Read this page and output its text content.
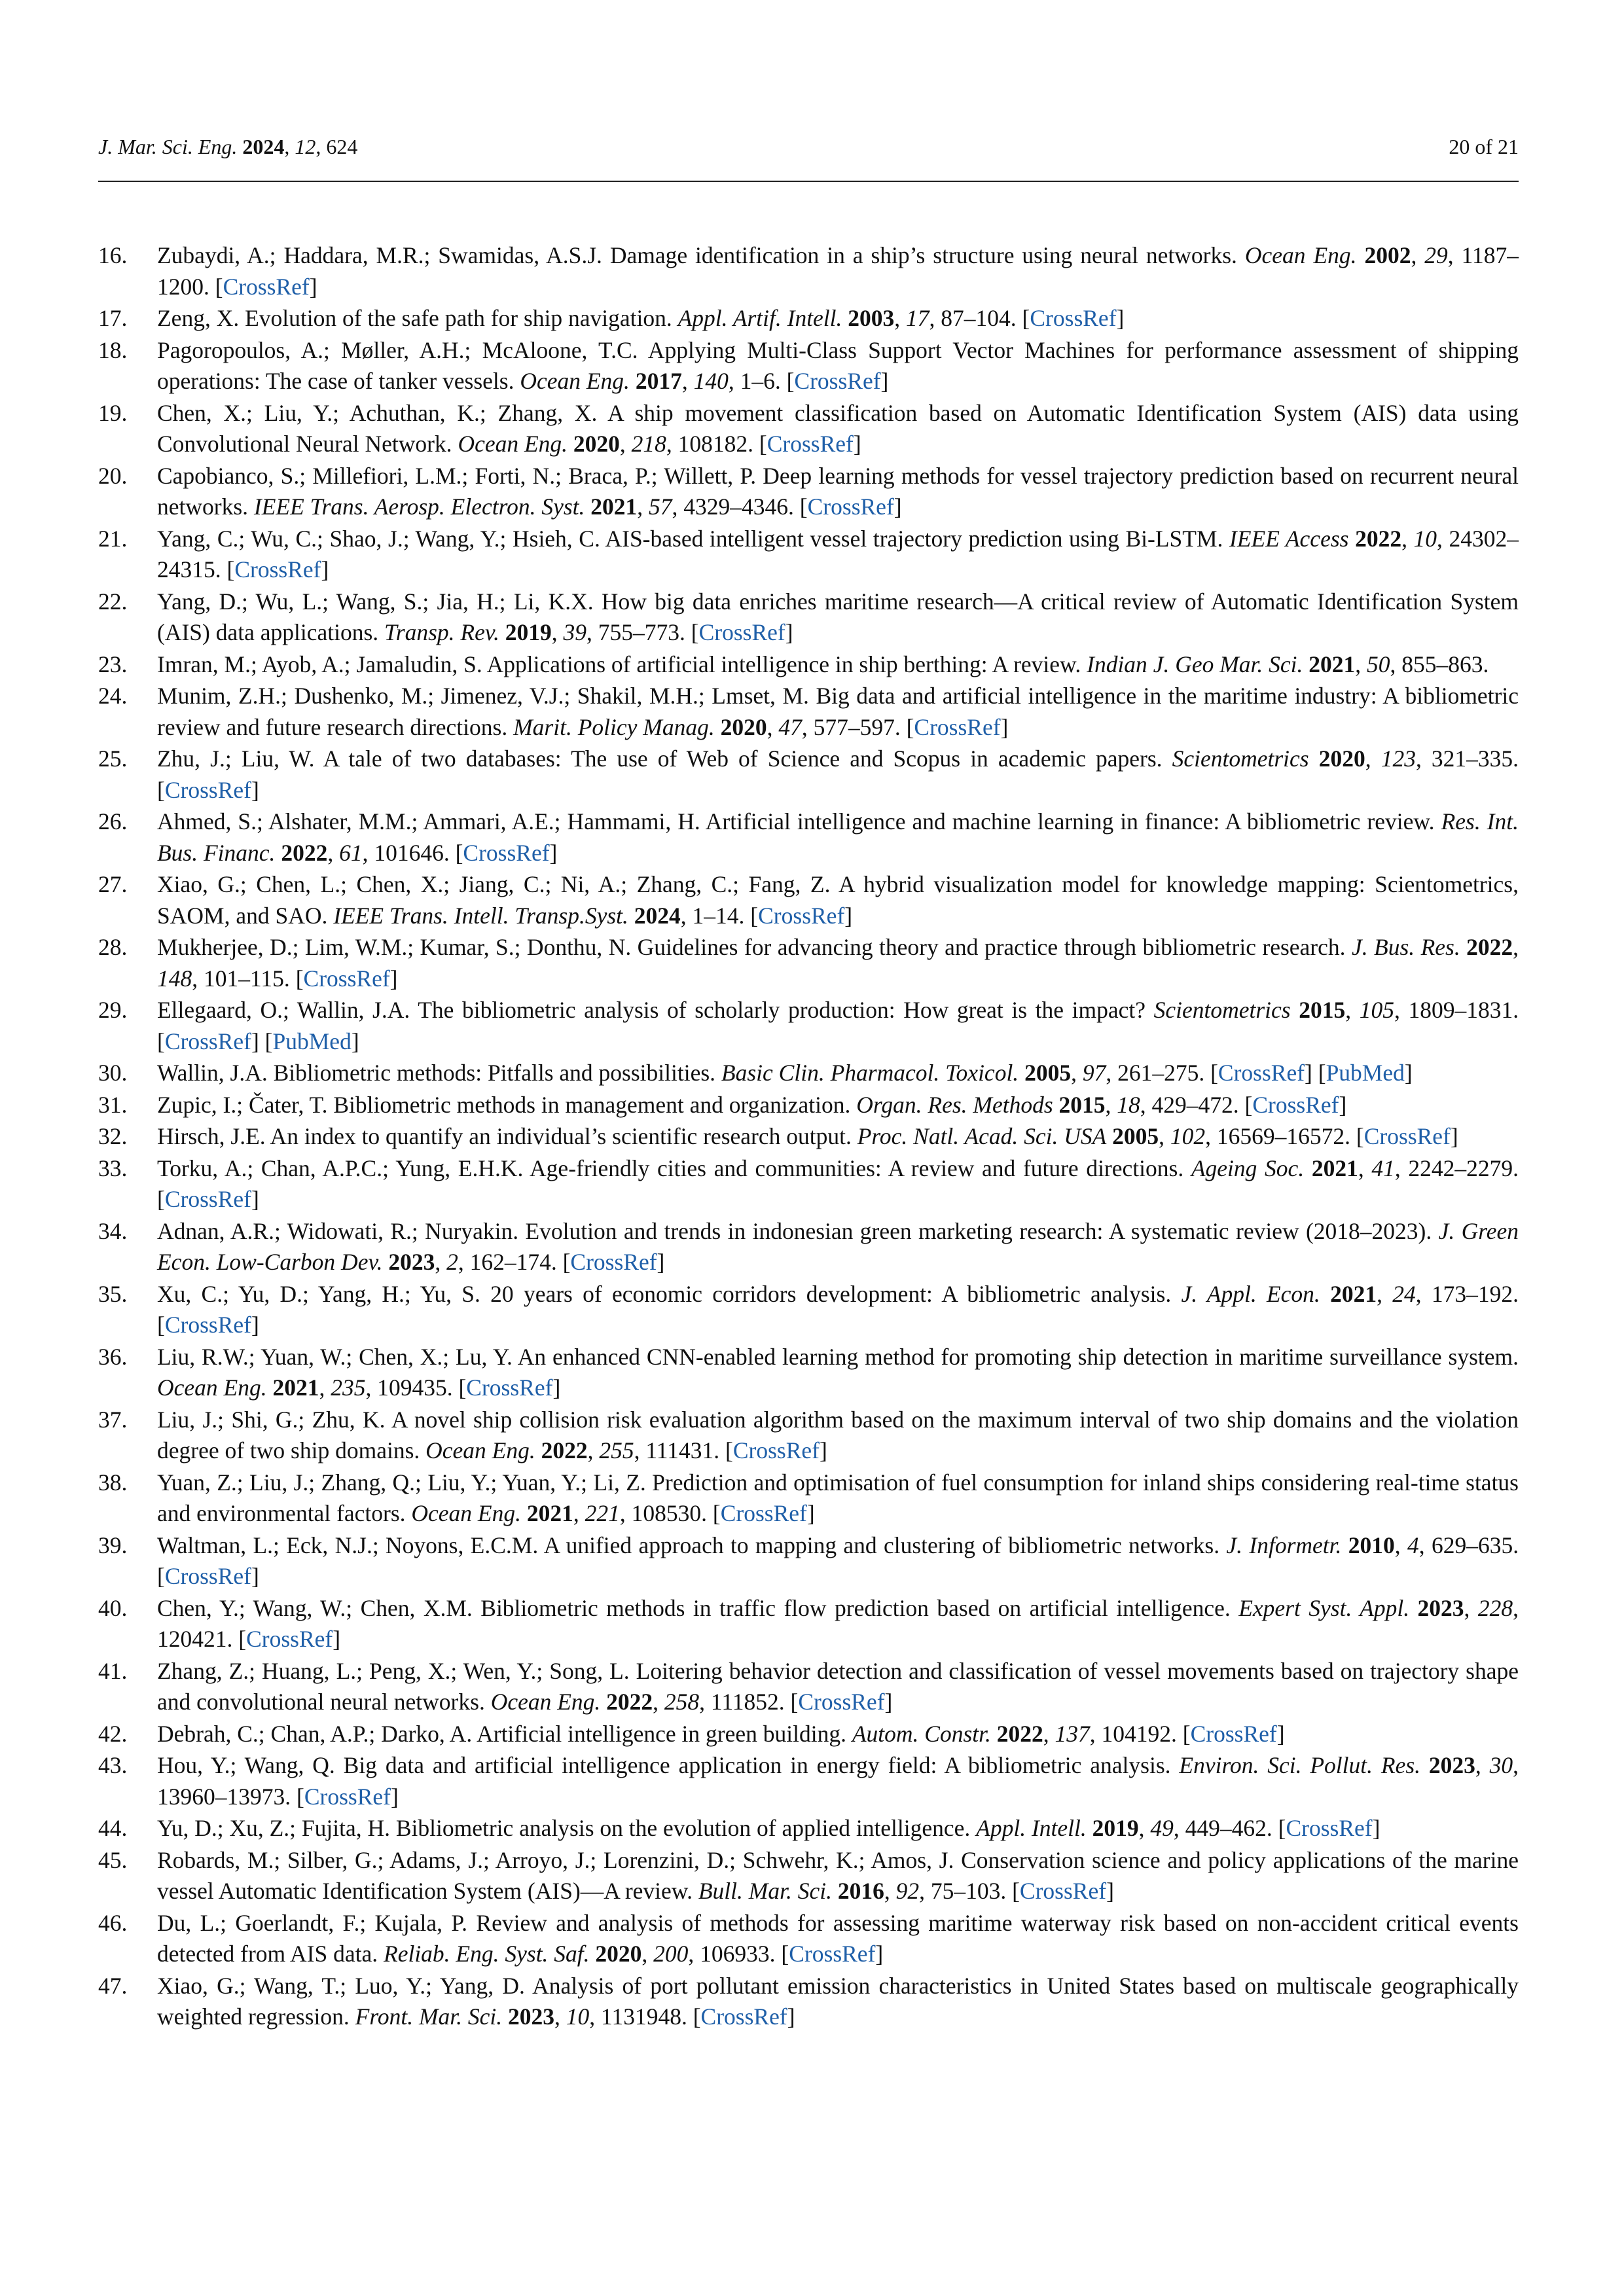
J. Mar. Sci. Eng. 2024, 12, 624	20 of 21
16. Zubaydi, A.; Haddara, M.R.; Swamidas, A.S.J. Damage identification in a ship’s structure using neural networks. Ocean Eng. 2002, 29, 1187–1200. [CrossRef]
17. Zeng, X. Evolution of the safe path for ship navigation. Appl. Artif. Intell. 2003, 17, 87–104. [CrossRef]
18. Pagoropoulos, A.; Møller, A.H.; McAloone, T.C. Applying Multi-Class Support Vector Machines for performance assessment of shipping operations: The case of tanker vessels. Ocean Eng. 2017, 140, 1–6. [CrossRef]
19. Chen, X.; Liu, Y.; Achuthan, K.; Zhang, X. A ship movement classification based on Automatic Identification System (AIS) data using Convolutional Neural Network. Ocean Eng. 2020, 218, 108182. [CrossRef]
20. Capobianco, S.; Millefiori, L.M.; Forti, N.; Braca, P.; Willett, P. Deep learning methods for vessel trajectory prediction based on recurrent neural networks. IEEE Trans. Aerosp. Electron. Syst. 2021, 57, 4329–4346. [CrossRef]
21. Yang, C.; Wu, C.; Shao, J.; Wang, Y.; Hsieh, C. AIS-based intelligent vessel trajectory prediction using Bi-LSTM. IEEE Access 2022, 10, 24302–24315. [CrossRef]
22. Yang, D.; Wu, L.; Wang, S.; Jia, H.; Li, K.X. How big data enriches maritime research—A critical review of Automatic Identification System (AIS) data applications. Transp. Rev. 2019, 39, 755–773. [CrossRef]
23. Imran, M.; Ayob, A.; Jamaludin, S. Applications of artificial intelligence in ship berthing: A review. Indian J. Geo Mar. Sci. 2021, 50, 855–863.
24. Munim, Z.H.; Dushenko, M.; Jimenez, V.J.; Shakil, M.H.; Lmset, M. Big data and artificial intelligence in the maritime industry: A bibliometric review and future research directions. Marit. Policy Manag. 2020, 47, 577–597. [CrossRef]
25. Zhu, J.; Liu, W. A tale of two databases: The use of Web of Science and Scopus in academic papers. Scientometrics 2020, 123, 321–335. [CrossRef]
26. Ahmed, S.; Alshater, M.M.; Ammari, A.E.; Hammami, H. Artificial intelligence and machine learning in finance: A bibliometric review. Res. Int. Bus. Financ. 2022, 61, 101646. [CrossRef]
27. Xiao, G.; Chen, L.; Chen, X.; Jiang, C.; Ni, A.; Zhang, C.; Fang, Z. A hybrid visualization model for knowledge mapping: Scientometrics, SAOM, and SAO. IEEE Trans. Intell. Transp.Syst. 2024, 1–14. [CrossRef]
28. Mukherjee, D.; Lim, W.M.; Kumar, S.; Donthu, N. Guidelines for advancing theory and practice through bibliometric research. J. Bus. Res. 2022, 148, 101–115. [CrossRef]
29. Ellegaard, O.; Wallin, J.A. The bibliometric analysis of scholarly production: How great is the impact? Scientometrics 2015, 105, 1809–1831. [CrossRef] [PubMed]
30. Wallin, J.A. Bibliometric methods: Pitfalls and possibilities. Basic Clin. Pharmacol. Toxicol. 2005, 97, 261–275. [CrossRef] [PubMed]
31. Zupic, I.; Čater, T. Bibliometric methods in management and organization. Organ. Res. Methods 2015, 18, 429–472. [CrossRef]
32. Hirsch, J.E. An index to quantify an individual’s scientific research output. Proc. Natl. Acad. Sci. USA 2005, 102, 16569–16572. [CrossRef]
33. Torku, A.; Chan, A.P.C.; Yung, E.H.K. Age-friendly cities and communities: A review and future directions. Ageing Soc. 2021, 41, 2242–2279. [CrossRef]
34. Adnan, A.R.; Widowati, R.; Nuryakin. Evolution and trends in indonesian green marketing research: A systematic review (2018–2023). J. Green Econ. Low-Carbon Dev. 2023, 2, 162–174. [CrossRef]
35. Xu, C.; Yu, D.; Yang, H.; Yu, S. 20 years of economic corridors development: A bibliometric analysis. J. Appl. Econ. 2021, 24, 173–192. [CrossRef]
36. Liu, R.W.; Yuan, W.; Chen, X.; Lu, Y. An enhanced CNN-enabled learning method for promoting ship detection in maritime surveillance system. Ocean Eng. 2021, 235, 109435. [CrossRef]
37. Liu, J.; Shi, G.; Zhu, K. A novel ship collision risk evaluation algorithm based on the maximum interval of two ship domains and the violation degree of two ship domains. Ocean Eng. 2022, 255, 111431. [CrossRef]
38. Yuan, Z.; Liu, J.; Zhang, Q.; Liu, Y.; Yuan, Y.; Li, Z. Prediction and optimisation of fuel consumption for inland ships considering real-time status and environmental factors. Ocean Eng. 2021, 221, 108530. [CrossRef]
39. Waltman, L.; Eck, N.J.; Noyons, E.C.M. A unified approach to mapping and clustering of bibliometric networks. J. Informetr. 2010, 4, 629–635. [CrossRef]
40. Chen, Y.; Wang, W.; Chen, X.M. Bibliometric methods in traffic flow prediction based on artificial intelligence. Expert Syst. Appl. 2023, 228, 120421. [CrossRef]
41. Zhang, Z.; Huang, L.; Peng, X.; Wen, Y.; Song, L. Loitering behavior detection and classification of vessel movements based on trajectory shape and convolutional neural networks. Ocean Eng. 2022, 258, 111852. [CrossRef]
42. Debrah, C.; Chan, A.P.; Darko, A. Artificial intelligence in green building. Autom. Constr. 2022, 137, 104192. [CrossRef]
43. Hou, Y.; Wang, Q. Big data and artificial intelligence application in energy field: A bibliometric analysis. Environ. Sci. Pollut. Res. 2023, 30, 13960–13973. [CrossRef]
44. Yu, D.; Xu, Z.; Fujita, H. Bibliometric analysis on the evolution of applied intelligence. Appl. Intell. 2019, 49, 449–462. [CrossRef]
45. Robards, M.; Silber, G.; Adams, J.; Arroyo, J.; Lorenzini, D.; Schwehr, K.; Amos, J. Conservation science and policy applications of the marine vessel Automatic Identification System (AIS)—A review. Bull. Mar. Sci. 2016, 92, 75–103. [CrossRef]
46. Du, L.; Goerlandt, F.; Kujala, P. Review and analysis of methods for assessing maritime waterway risk based on non-accident critical events detected from AIS data. Reliab. Eng. Syst. Saf. 2020, 200, 106933. [CrossRef]
47. Xiao, G.; Wang, T.; Luo, Y.; Yang, D. Analysis of port pollutant emission characteristics in United States based on multiscale geographically weighted regression. Front. Mar. Sci. 2023, 10, 1131948. [CrossRef]
